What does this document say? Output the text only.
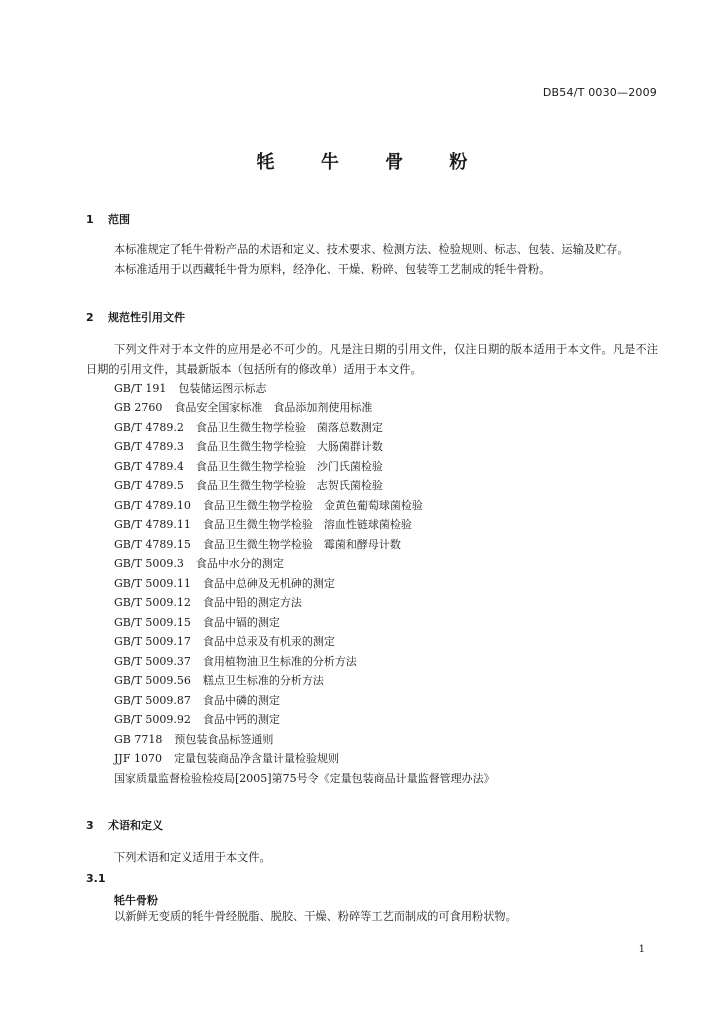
DB54/T 0030—2009
牦 牛 骨 粉
1 范围
本标准规定了牦牛骨粉产品的术语和定义、技术要求、检测方法、检验规则、标志、包装、运输及贮存。
本标准适用于以西藏牦牛骨为原料，经净化、干燥、粉碎、包装等工艺制成的牦牛骨粉。
2 规范性引用文件
下列文件对于本文件的应用是必不可少的。凡是注日期的引用文件，仅注日期的版本适用于本文件。凡是不注日期的引用文件，其最新版本（包括所有的修改单）适用于本文件。
GB/T 191 包装储运图示标志
GB 2760 食品安全国家标准　食品添加剂使用标准
GB/T 4789.2 食品卫生微生物学检验　菌落总数测定
GB/T 4789.3 食品卫生微生物学检验　大肠菌群计数
GB/T 4789.4 食品卫生微生物学检验　沙门氏菌检验
GB/T 4789.5 食品卫生微生物学检验　志贺氏菌检验
GB/T 4789.10 食品卫生微生物学检验　金黄色葡萄球菌检验
GB/T 4789.11 食品卫生微生物学检验　溶血性链球菌检验
GB/T 4789.15 食品卫生微生物学检验　霉菌和酵母计数
GB/T 5009.3 食品中水分的测定
GB/T 5009.11 食品中总砷及无机砷的测定
GB/T 5009.12 食品中铅的测定方法
GB/T 5009.15 食品中镉的测定
GB/T 5009.17 食品中总汞及有机汞的测定
GB/T 5009.37 食用植物油卫生标准的分析方法
GB/T 5009.56 糕点卫生标准的分析方法
GB/T 5009.87 食品中磷的测定
GB/T 5009.92 食品中钙的测定
GB 7718 预包装食品标签通则
JJF 1070 定量包装商品净含量计量检验规则
国家质量监督检验检疫局[2005]第75号令《定量包装商品计量监督管理办法》
3 术语和定义
下列术语和定义适用于本文件。
3.1
牦牛骨粉
以新鲜无变质的牦牛骨经脱脂、脱胶、干燥、粉碎等工艺而制成的可食用粉状物。
1
